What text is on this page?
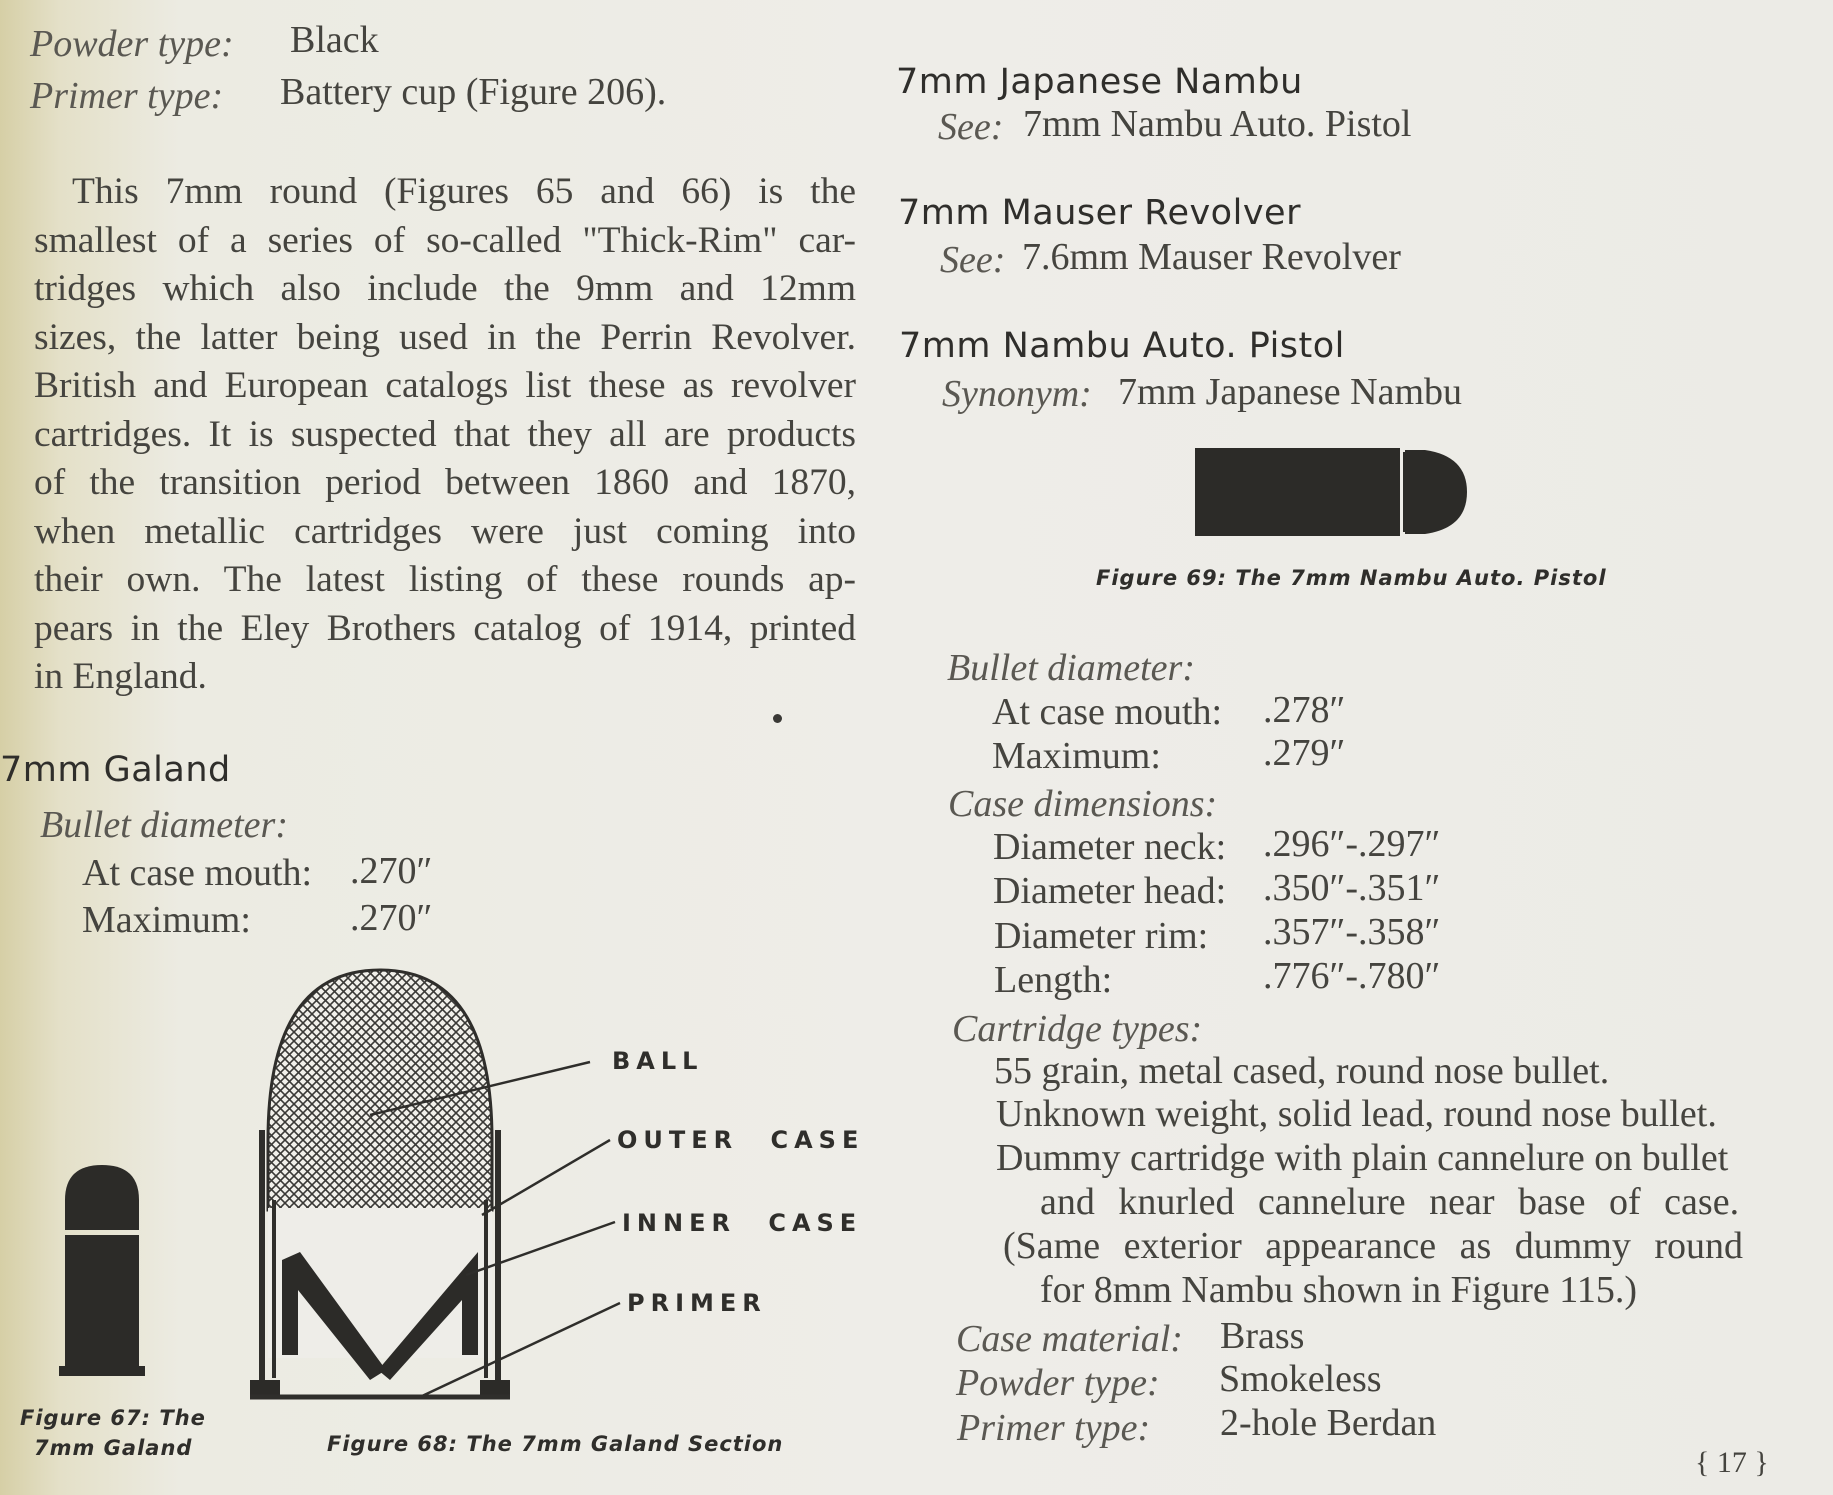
Powder type: Black
Primer type: Battery cup (Figure 206).
This 7mm round (Figures 65 and 66) is the
smallest of a series of so-called "Thick-Rim" car-
tridges which also include the 9mm and 12mm
sizes, the latter being used in the Perrin Revolver.
British and European catalogs list these as revolver
cartridges. It is suspected that they all are products
of the transition period between 1860 and 1870,
when metallic cartridges were just coming into
their own. The latest listing of these rounds ap-
pears in the Eley Brothers catalog of 1914, printed
in England.
7mm Galand
Bullet diameter:
At case mouth: .270″
Maximum:	.270″
Figure 67: The
7mm Galand
BALL
OUTER CASE
INNER CASE
PRIMER
Figure 68: The 7mm Galand Section
7mm Japanese Nambu
See: 7mm Nambu Auto. Pistol
7mm Mauser Revolver
See: 7.6mm Mauser Revolver
7mm Nambu Auto. Pistol
Synonym: 7mm Japanese Nambu
Figure 69: The 7mm Nambu Auto. Pistol
Bullet diameter:
At case mouth: .278″
Maximum:	.279″
Case dimensions:
Diameter neck: .296″-.297″
Diameter head: .350″-.351″
Diameter rim: .357″-.358″
Length:	.776″-.780″
Cartridge types:
55 grain, metal cased, round nose bullet.
Unknown weight, solid lead, round nose bullet.
Dummy cartridge with plain cannelure on bullet
and knurled cannelure near base of case.
(Same exterior appearance as dummy round
for 8mm Nambu shown in Figure 115.)
Case material: Brass
Powder type: Smokeless
Primer type: 2-hole Berdan
{ 17 }
